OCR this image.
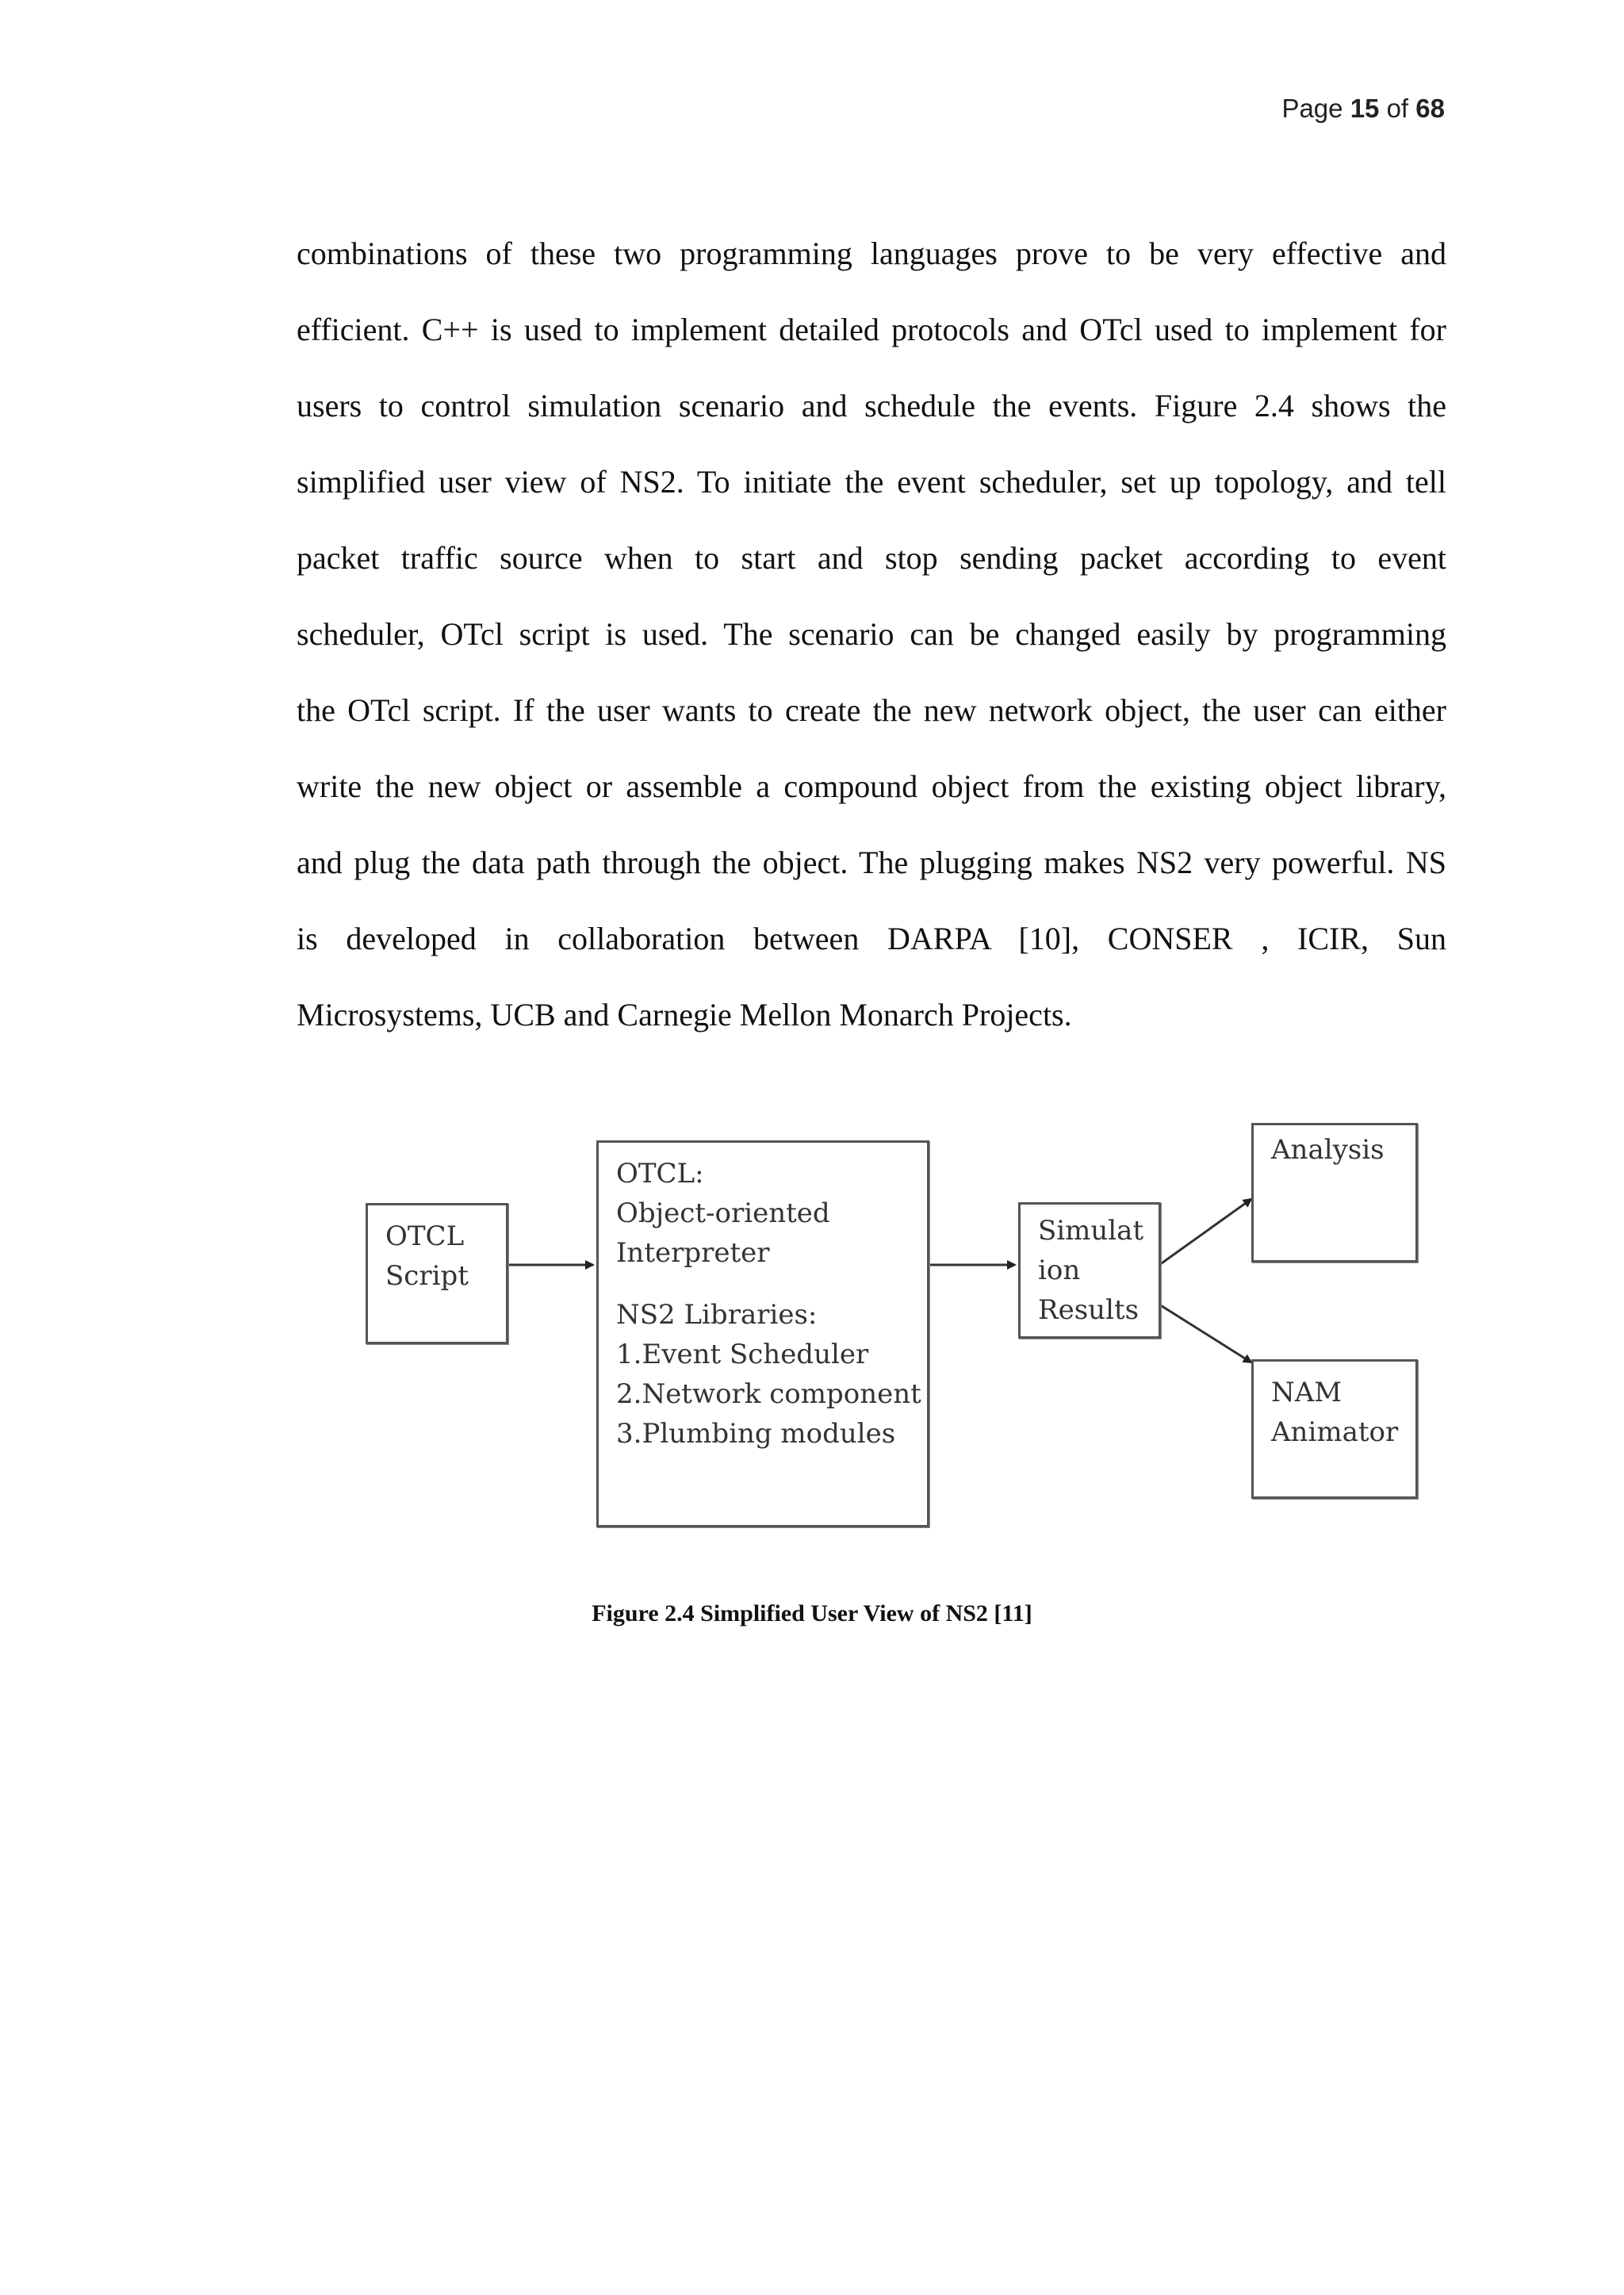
Page 15 of 68
combinations of these two programming languages prove to be very effective and
efficient. C++ is used to implement detailed protocols and OTcl used to implement for
users to control simulation scenario and schedule the events. Figure 2.4 shows the
simplified user view of NS2. To initiate the event scheduler, set up topology, and tell
packet traffic source when to start and stop sending packet according to event
scheduler, OTcl script is used. The scenario can be changed easily by programming
the OTcl script. If the user wants to create the new network object, the user can either
write the new object or assemble a compound object from the existing object library,
and plug the data path through the object. The plugging makes NS2 very powerful. NS
is developed in collaboration between DARPA [10], CONSER , ICIR, Sun
Microsystems, UCB and Carnegie Mellon Monarch Projects.
OTCL
Script
OTCL:
Object-oriented
Interpreter
NS2 Libraries:
1.Event Scheduler
2.Network component
3.Plumbing modules
Simulat
ion
Results
Analysis
NAM
Animator
Figure 2.4 Simplified User View of NS2 [11]
